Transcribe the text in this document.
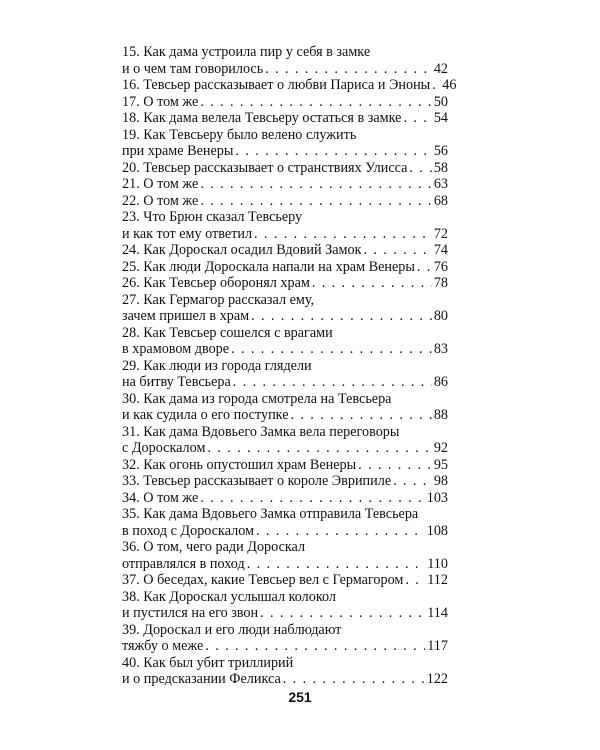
15. Как дама устроила пир у себя в замке
и о чем там говорилось . . .	42
16. Тевсьер рассказывает о любви Париса и Эноны . . . 46
17. О том же . . .	50
18. Как дама велела Тевсьеру остаться в замке . . . 54
19. Как Тевсьеру было велено служить
при храме Венеры . . .	56
20. Тевсьер рассказывает о странствиях Улисса . . . 58
21. О том же . . .	63
22. О том же . . .	68
23. Что Брюн сказал Тевсьеру
и как тот ему ответил . . .	72
24. Как Дороскал осадил Вдовий Замок . . .	74
25. Как люди Дороскала напали на храм Венеры . . . 76
26. Как Тевсьер оборонял храм . . .	78
27. Как Гермагор рассказал ему,
зачем пришел в храм . . .	80
28. Как Тевсьер сошелся с врагами
в храмовом дворе . . .	83
29. Как люди из города глядели
на битву Тевсьера . . .	86
30. Как дама из города смотрела на Тевсьера
и как судила о его поступке . . .	88
31. Как дама Вдовьего Замка вела переговоры
с Дороскалом . . .	92
32. Как огонь опустошил храм Венеры . . .	95
33. Тевсьер рассказывает о короле Эврипиле . . .	98
34. О том же . . .	103
35. Как дама Вдовьего Замка отправила Тевсьера
в поход с Дороскалом . . .	108
36. О том, чего ради Дороскал
отправлялся в поход . . .	110
37. О беседах, какие Тевсьер вел с Гермагором . . . 112
38. Как Дороскал услышал колокол
и пустился на его звон . . .	114
39. Дороскал и его люди наблюдают
тяжбу о меже . . .	117
40. Как был убит триллирий
и о предсказании Феликса . . .	122
251
